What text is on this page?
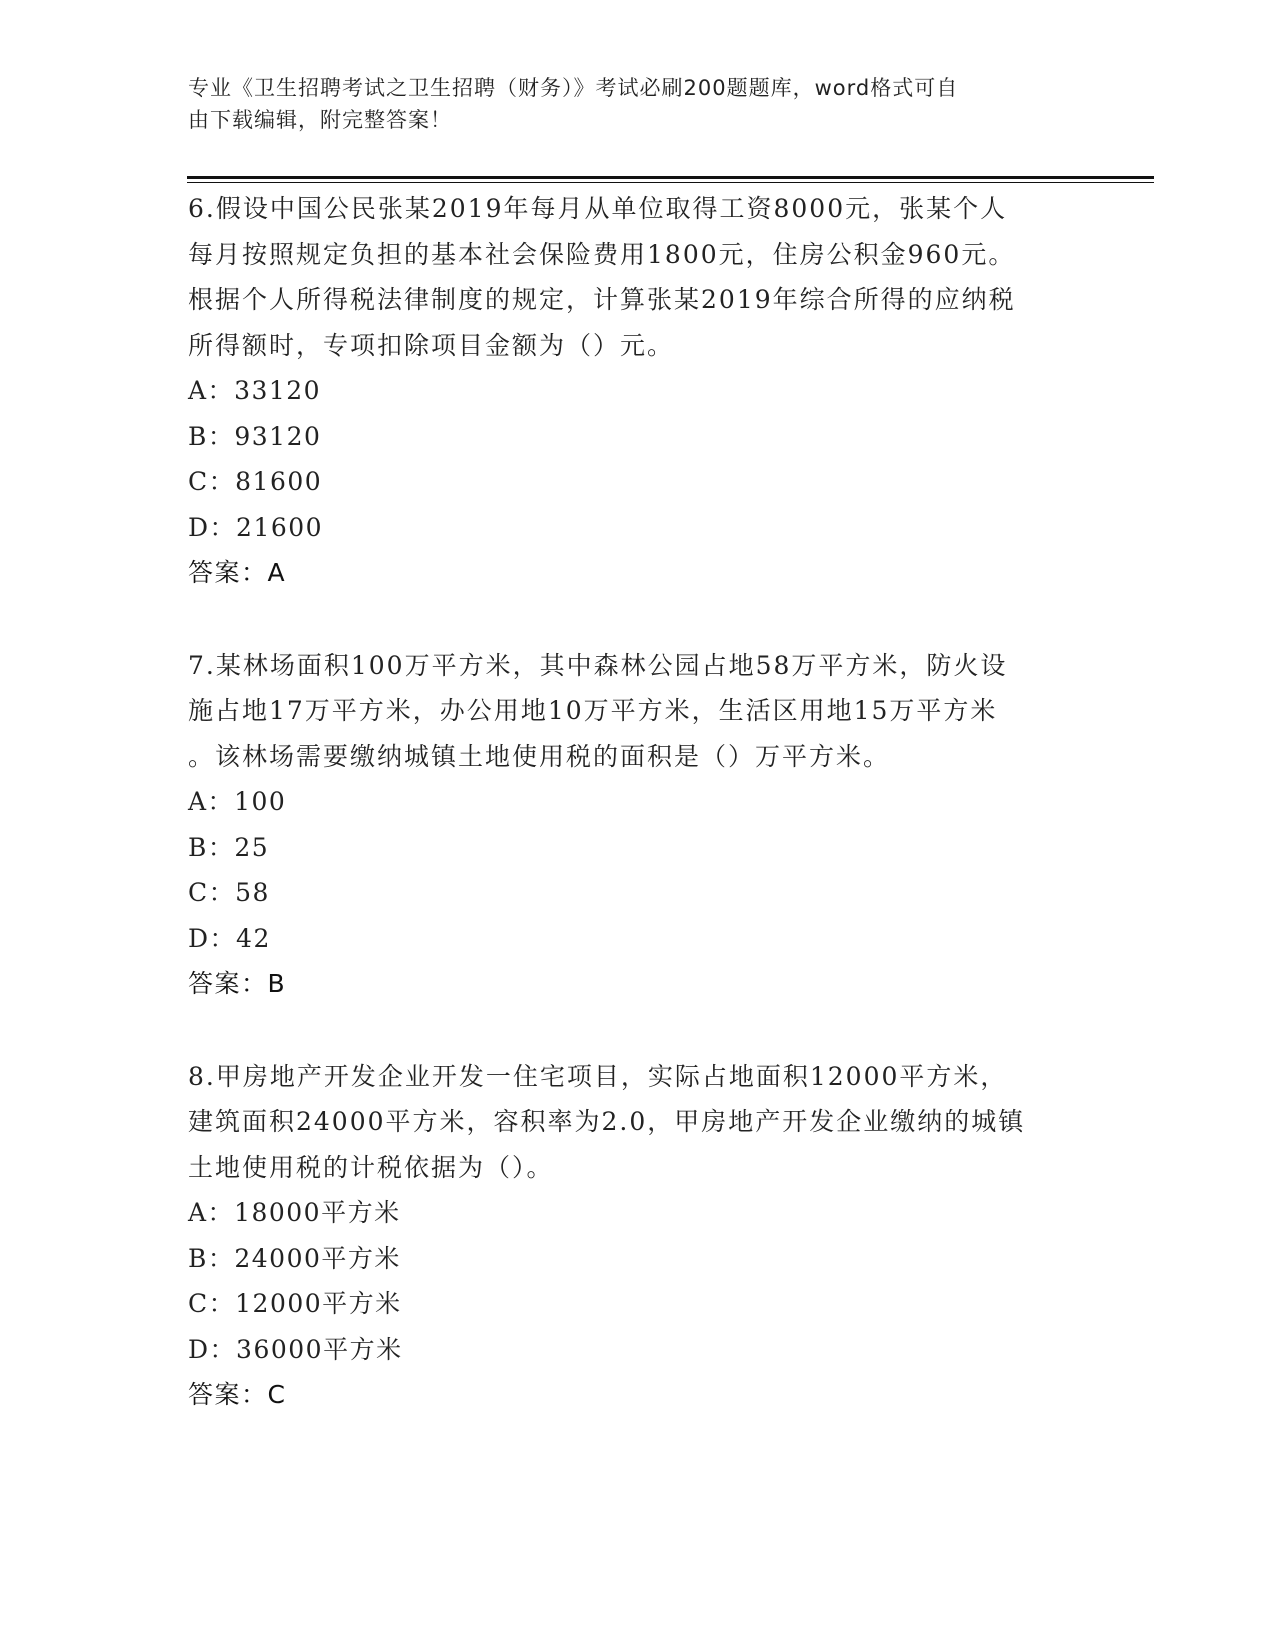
专业《卫生招聘考试之卫生招聘（财务）》考试必刷200题题库，word格式可自
由下载编辑，附完整答案！

6.假设中国公民张某2019年每月从单位取得工资8000元，张某个人
每月按照规定负担的基本社会保险费用1800元，住房公积金960元。
根据个人所得税法律制度的规定，计算张某2019年综合所得的应纳税
所得额时，专项扣除项目金额为（）元。

A：33120

B：93120

C：81600

D：21600

答案：A

7.某林场面积100万平方米，其中森林公园占地58万平方米，防火设
施占地17万平方米，办公用地10万平方米，生活区用地15万平方米
。该林场需要缴纳城镇土地使用税的面积是（）万平方米。

A：100

B：25

C：58

D：42

答案：B

8.甲房地产开发企业开发一住宅项目，实际占地面积12000平方米，
建筑面积24000平方米，容积率为2.0，甲房地产开发企业缴纳的城镇
土地使用税的计税依据为（）。

A：18000平方米

B：24000平方米

C：12000平方米

D：36000平方米

答案：C
